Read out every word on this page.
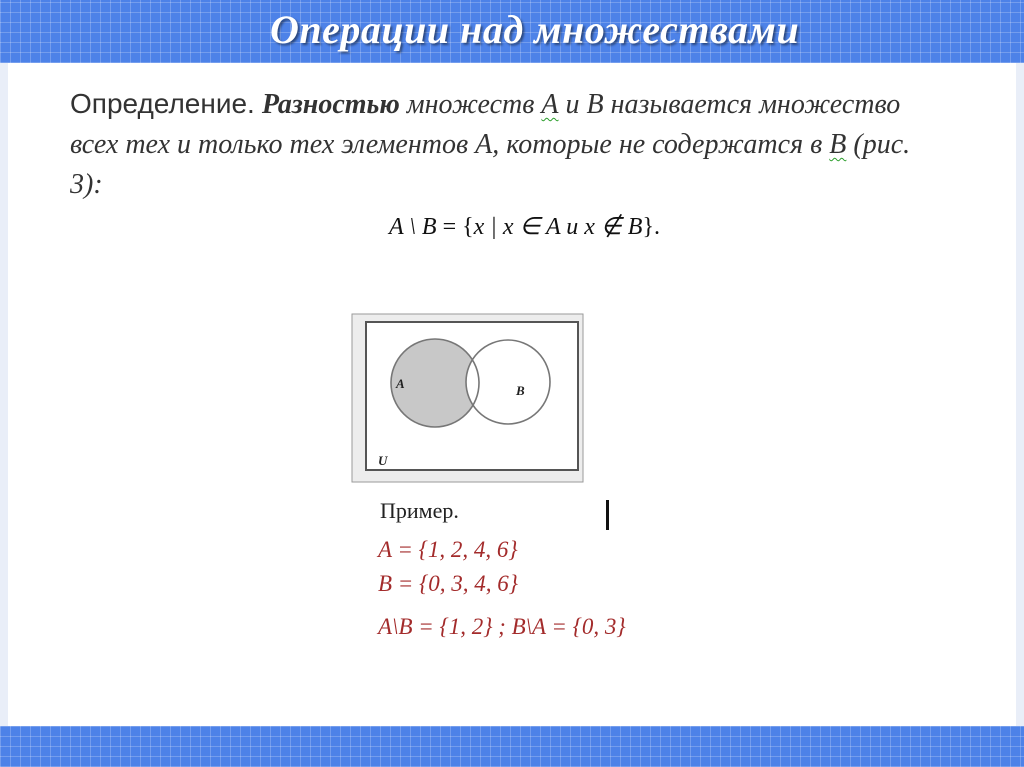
Операции над множествами
Определение. Разностью множеств А и В называется множество всех тех и только тех элементов А, которые не содержатся в В (рис. 3):
A \ B = {x | x ∈ A и x ∉ B}.
A	B
U
Пример.
A = {1, 2, 4, 6}
B = {0, 3, 4, 6}
A\B = {1, 2} ; B\A = {0, 3}
